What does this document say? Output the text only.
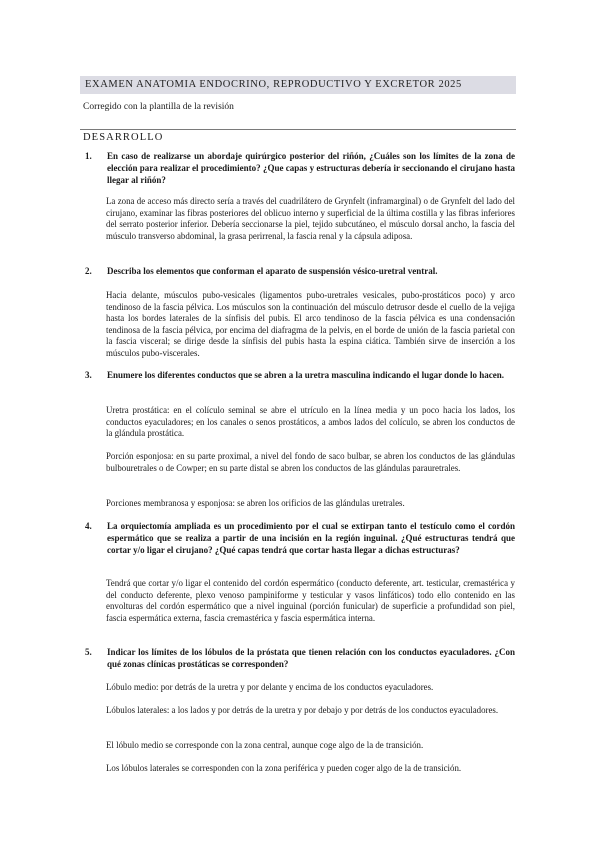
EXAMEN ANATOMIA ENDOCRINO, REPRODUCTIVO Y EXCRETOR 2025
Corregido con la plantilla de la revisión
DESARROLLO
1. En caso de realizarse un abordaje quirúrgico posterior del riñón, ¿Cuáles son los límites de la zona de elección para realizar el procedimiento? ¿Que capas y estructuras debería ir seccionando el cirujano hasta llegar al riñón?
La zona de acceso más directo sería a través del cuadrilátero de Grynfelt (inframarginal) o de Grynfelt del lado del cirujano, examinar las fibras posteriores del oblicuo interno y superficial de la última costilla y las fibras inferiores del serrato posterior inferior. Debería seccionarse la piel, tejido subcutáneo, el músculo dorsal ancho, la fascia del músculo transverso abdominal, la grasa perirrenal, la fascia renal y la cápsula adiposa.
2. Describa los elementos que conforman el aparato de suspensión vésico-uretral ventral.
Hacia delante, músculos pubo-vesicales (ligamentos pubo-uretrales vesicales, pubo-prostáticos poco) y arco tendinoso de la fascia pélvica. Los músculos son la continuación del músculo detrusor desde el cuello de la vejiga hasta los bordes laterales de la sínfisis del pubis. El arco tendinoso de la fascia pélvica es una condensación tendinosa de la fascia pélvica, por encima del diafragma de la pelvis, en el borde de unión de la fascia parietal con la fascia visceral; se dirige desde la sínfisis del pubis hasta la espina ciática. También sirve de inserción a los músculos pubo-viscerales.
3. Enumere los diferentes conductos que se abren a la uretra masculina indicando el lugar donde lo hacen.
Uretra prostática: en el colículo seminal se abre el utrículo en la línea media y un poco hacia los lados, los conductos eyaculadores; en los canales o senos prostáticos, a ambos lados del colículo, se abren los conductos de la glándula prostática.
Porción esponjosa: en su parte proximal, a nivel del fondo de saco bulbar, se abren los conductos de las glándulas bulbouretrales o de Cowper; en su parte distal se abren los conductos de las glándulas parauretrales.
Porciones membranosa y esponjosa: se abren los orificios de las glándulas uretrales.
4. La orquiectomía ampliada es un procedimiento por el cual se extirpan tanto el testículo como el cordón espermático que se realiza a partir de una incisión en la región inguinal. ¿Qué estructuras tendrá que cortar y/o ligar el cirujano? ¿Qué capas tendrá que cortar hasta llegar a dichas estructuras?
Tendrá que cortar y/o ligar el contenido del cordón espermático (conducto deferente, art. testicular, cremastérica y del conducto deferente, plexo venoso pampiniforme y testicular y vasos linfáticos) todo ello contenido en las envolturas del cordón espermático que a nivel inguinal (porción funicular) de superficie a profundidad son piel, fascia espermática externa, fascia cremastérica y fascia espermática interna.
5. Indicar los límites de los lóbulos de la próstata que tienen relación con los conductos eyaculadores. ¿Con qué zonas clínicas prostáticas se corresponden?
Lóbulo medio: por detrás de la uretra y por delante y encima de los conductos eyaculadores.
Lóbulos laterales: a los lados y por detrás de la uretra y por debajo y por detrás de los conductos eyaculadores.
El lóbulo medio se corresponde con la zona central, aunque coge algo de la de transición.
Los lóbulos laterales se corresponden con la zona periférica y pueden coger algo de la de transición.
